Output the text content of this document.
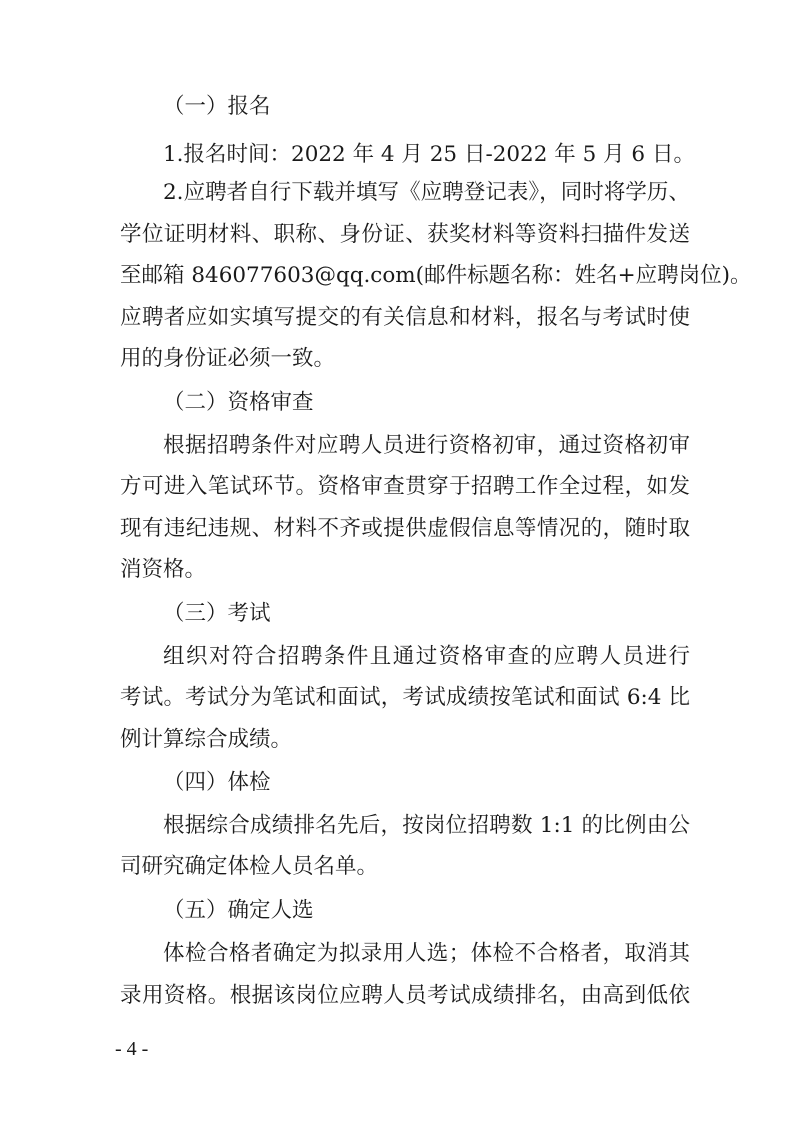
（一）报名
1.报名时间：2022 年 4 月 25 日-2022 年 5 月 6 日。
2.应聘者自行下载并填写《应聘登记表》，同时将学历、
学位证明材料、职称、身份证、获奖材料等资料扫描件发送
至邮箱 846077603@qq.com(邮件标题名称：姓名+应聘岗位)。
应聘者应如实填写提交的有关信息和材料，报名与考试时使
用的身份证必须一致。
（二）资格审查
根据招聘条件对应聘人员进行资格初审，通过资格初审
方可进入笔试环节。资格审查贯穿于招聘工作全过程，如发
现有违纪违规、材料不齐或提供虚假信息等情况的，随时取
消资格。
（三）考试
组织对符合招聘条件且通过资格审查的应聘人员进行
考试。考试分为笔试和面试，考试成绩按笔试和面试 6:4 比
例计算综合成绩。
（四）体检
根据综合成绩排名先后，按岗位招聘数 1:1 的比例由公
司研究确定体检人员名单。
（五）确定人选
体检合格者确定为拟录用人选；体检不合格者，取消其
录用资格。根据该岗位应聘人员考试成绩排名，由高到低依
- 4 -
